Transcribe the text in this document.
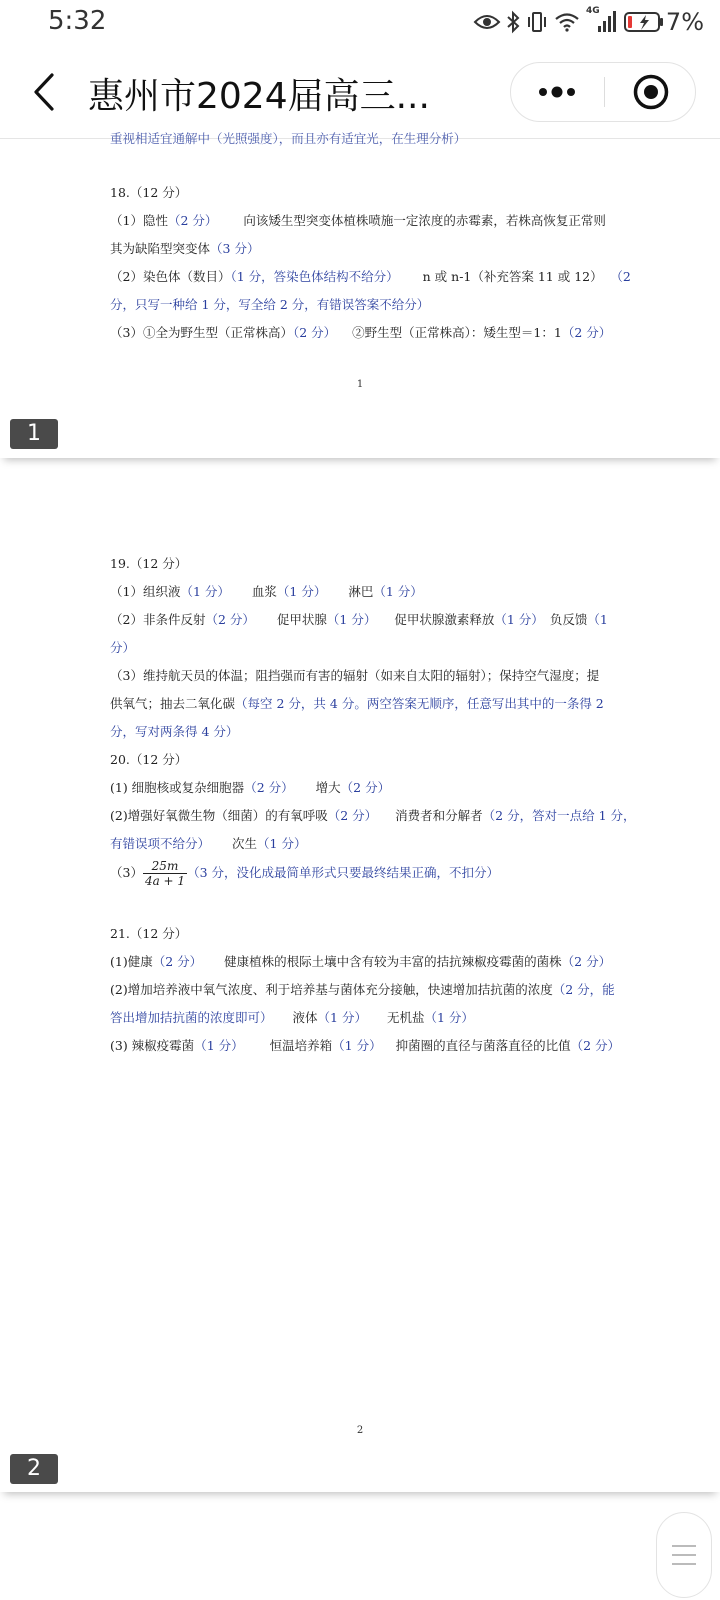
5:32	4G	7%
惠州市2024届高三...
重视相适宜通解中（光照强度），而且亦有适宜光，在生理分析）
18.（12 分）
（1）隐性（2 分） 向该矮生型突变体植株喷施一定浓度的赤霉素，若株高恢复正常则
其为缺陷型突变体（3 分）
（2）染色体（数目）（1 分，答染色体结构不给分） n 或 n-1（补充答案 11 或 12） （2
分，只写一种给 1 分，写全给 2 分，有错误答案不给分）
（3）①全为野生型（正常株高）（2 分） ②野生型（正常株高）：矮生型＝1：1（2 分）
1
1
19.（12 分）
（1）组织液（1 分） 血浆（1 分） 淋巴（1 分）
（2）非条件反射（2 分） 促甲状腺（1 分） 促甲状腺激素释放（1 分） 负反馈（1
分）
（3）维持航天员的体温；阻挡强而有害的辐射（如来自太阳的辐射）；保持空气湿度；提
供氧气；抽去二氧化碳（每空 2 分，共 4 分。两空答案无顺序，任意写出其中的一条得 2
分，写对两条得 4 分）
20.（12 分）
(1) 细胞核或复杂细胞器（2 分） 增大（2 分）
(2)增强好氧微生物（细菌）的有氧呼吸（2 分） 消费者和分解者（2 分，答对一点给 1 分，
有错误项不给分） 次生（1 分）
$(3) \frac{25m}{4a + 1} (3$ 分，没化成最简单形式只要最终结果正确，不扣分）
21.（12 分）
(1)健康（2 分） 健康植株的根际土壤中含有较为丰富的拮抗辣椒疫霉菌的菌株（2 分）
(2)增加培养液中氧气浓度、利于培养基与菌体充分接触，快速增加拮抗菌的浓度（2 分，能
答出增加拮抗菌的浓度即可） 液体（1 分） 无机盐（1 分）
(3) 辣椒疫霉菌（1 分） 恒温培养箱（1 分） 抑菌圈的直径与菌落直径的比值（2 分）
2
2
